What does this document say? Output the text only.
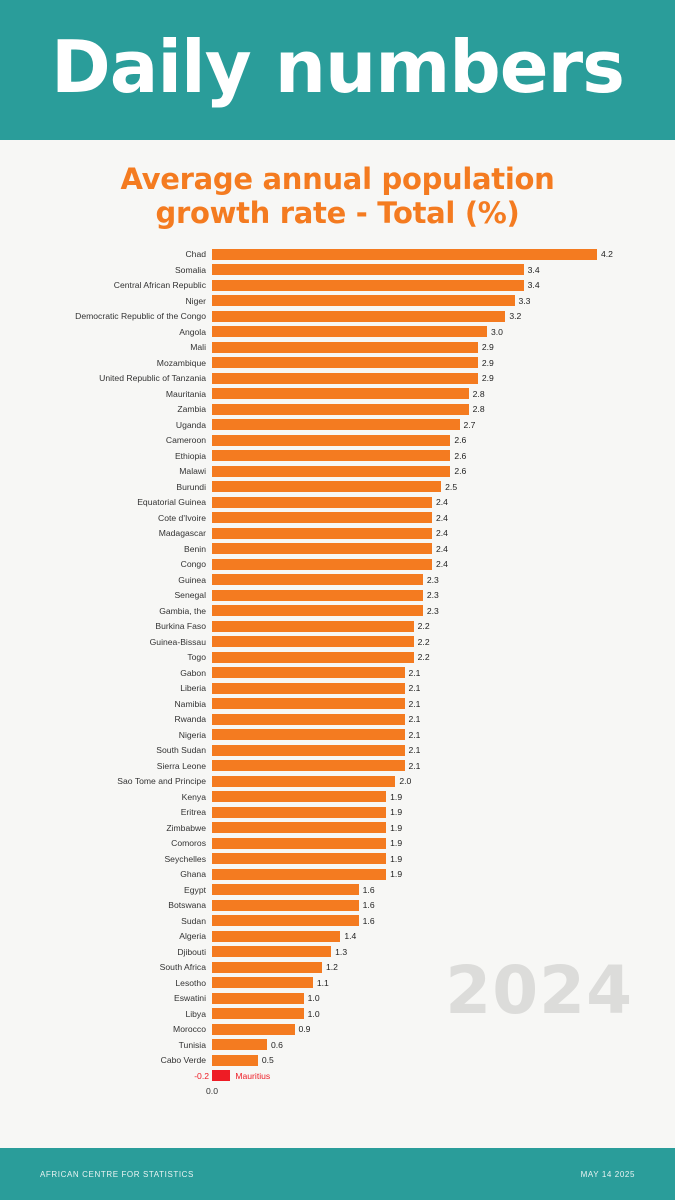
Daily numbers
Average annual population
growth rate - Total (%)
2024
Chad	4.2
Somalia	3.4
Central African Republic	3.4
Niger	3.3
Democratic Republic of the Congo	3.2
Angola	3.0
Mali	2.9
Mozambique	2.9
United Republic of Tanzania	2.9
Mauritania	2.8
Zambia	2.8
Uganda	2.7
Cameroon	2.6
Ethiopia	2.6
Malawi	2.6
Burundi	2.5
Equatorial Guinea	2.4
Cote d'Ivoire	2.4
Madagascar	2.4
Benin	2.4
Congo	2.4
Guinea	2.3
Senegal	2.3
Gambia, the	2.3
Burkina Faso	2.2
Guinea-Bissau	2.2
Togo	2.2
Gabon	2.1
Liberia	2.1
Namibia	2.1
Rwanda	2.1
Nigeria	2.1
South Sudan	2.1
Sierra Leone	2.1
Sao Tome and Principe	2.0
Kenya	1.9
Eritrea	1.9
Zimbabwe	1.9
Comoros	1.9
Seychelles	1.9
Ghana	1.9
Egypt	1.6
Botswana	1.6
Sudan	1.6
Algeria	1.4
Djibouti	1.3
South Africa	1.2
Lesotho	1.1
Eswatini	1.0
Libya	1.0
Morocco	0.9
Tunisia	0.6
Cabo Verde	0.5
-0.2	Mauritius
0.0
AFRICAN CENTRE FOR STATISTICS	MAY 14 2025
